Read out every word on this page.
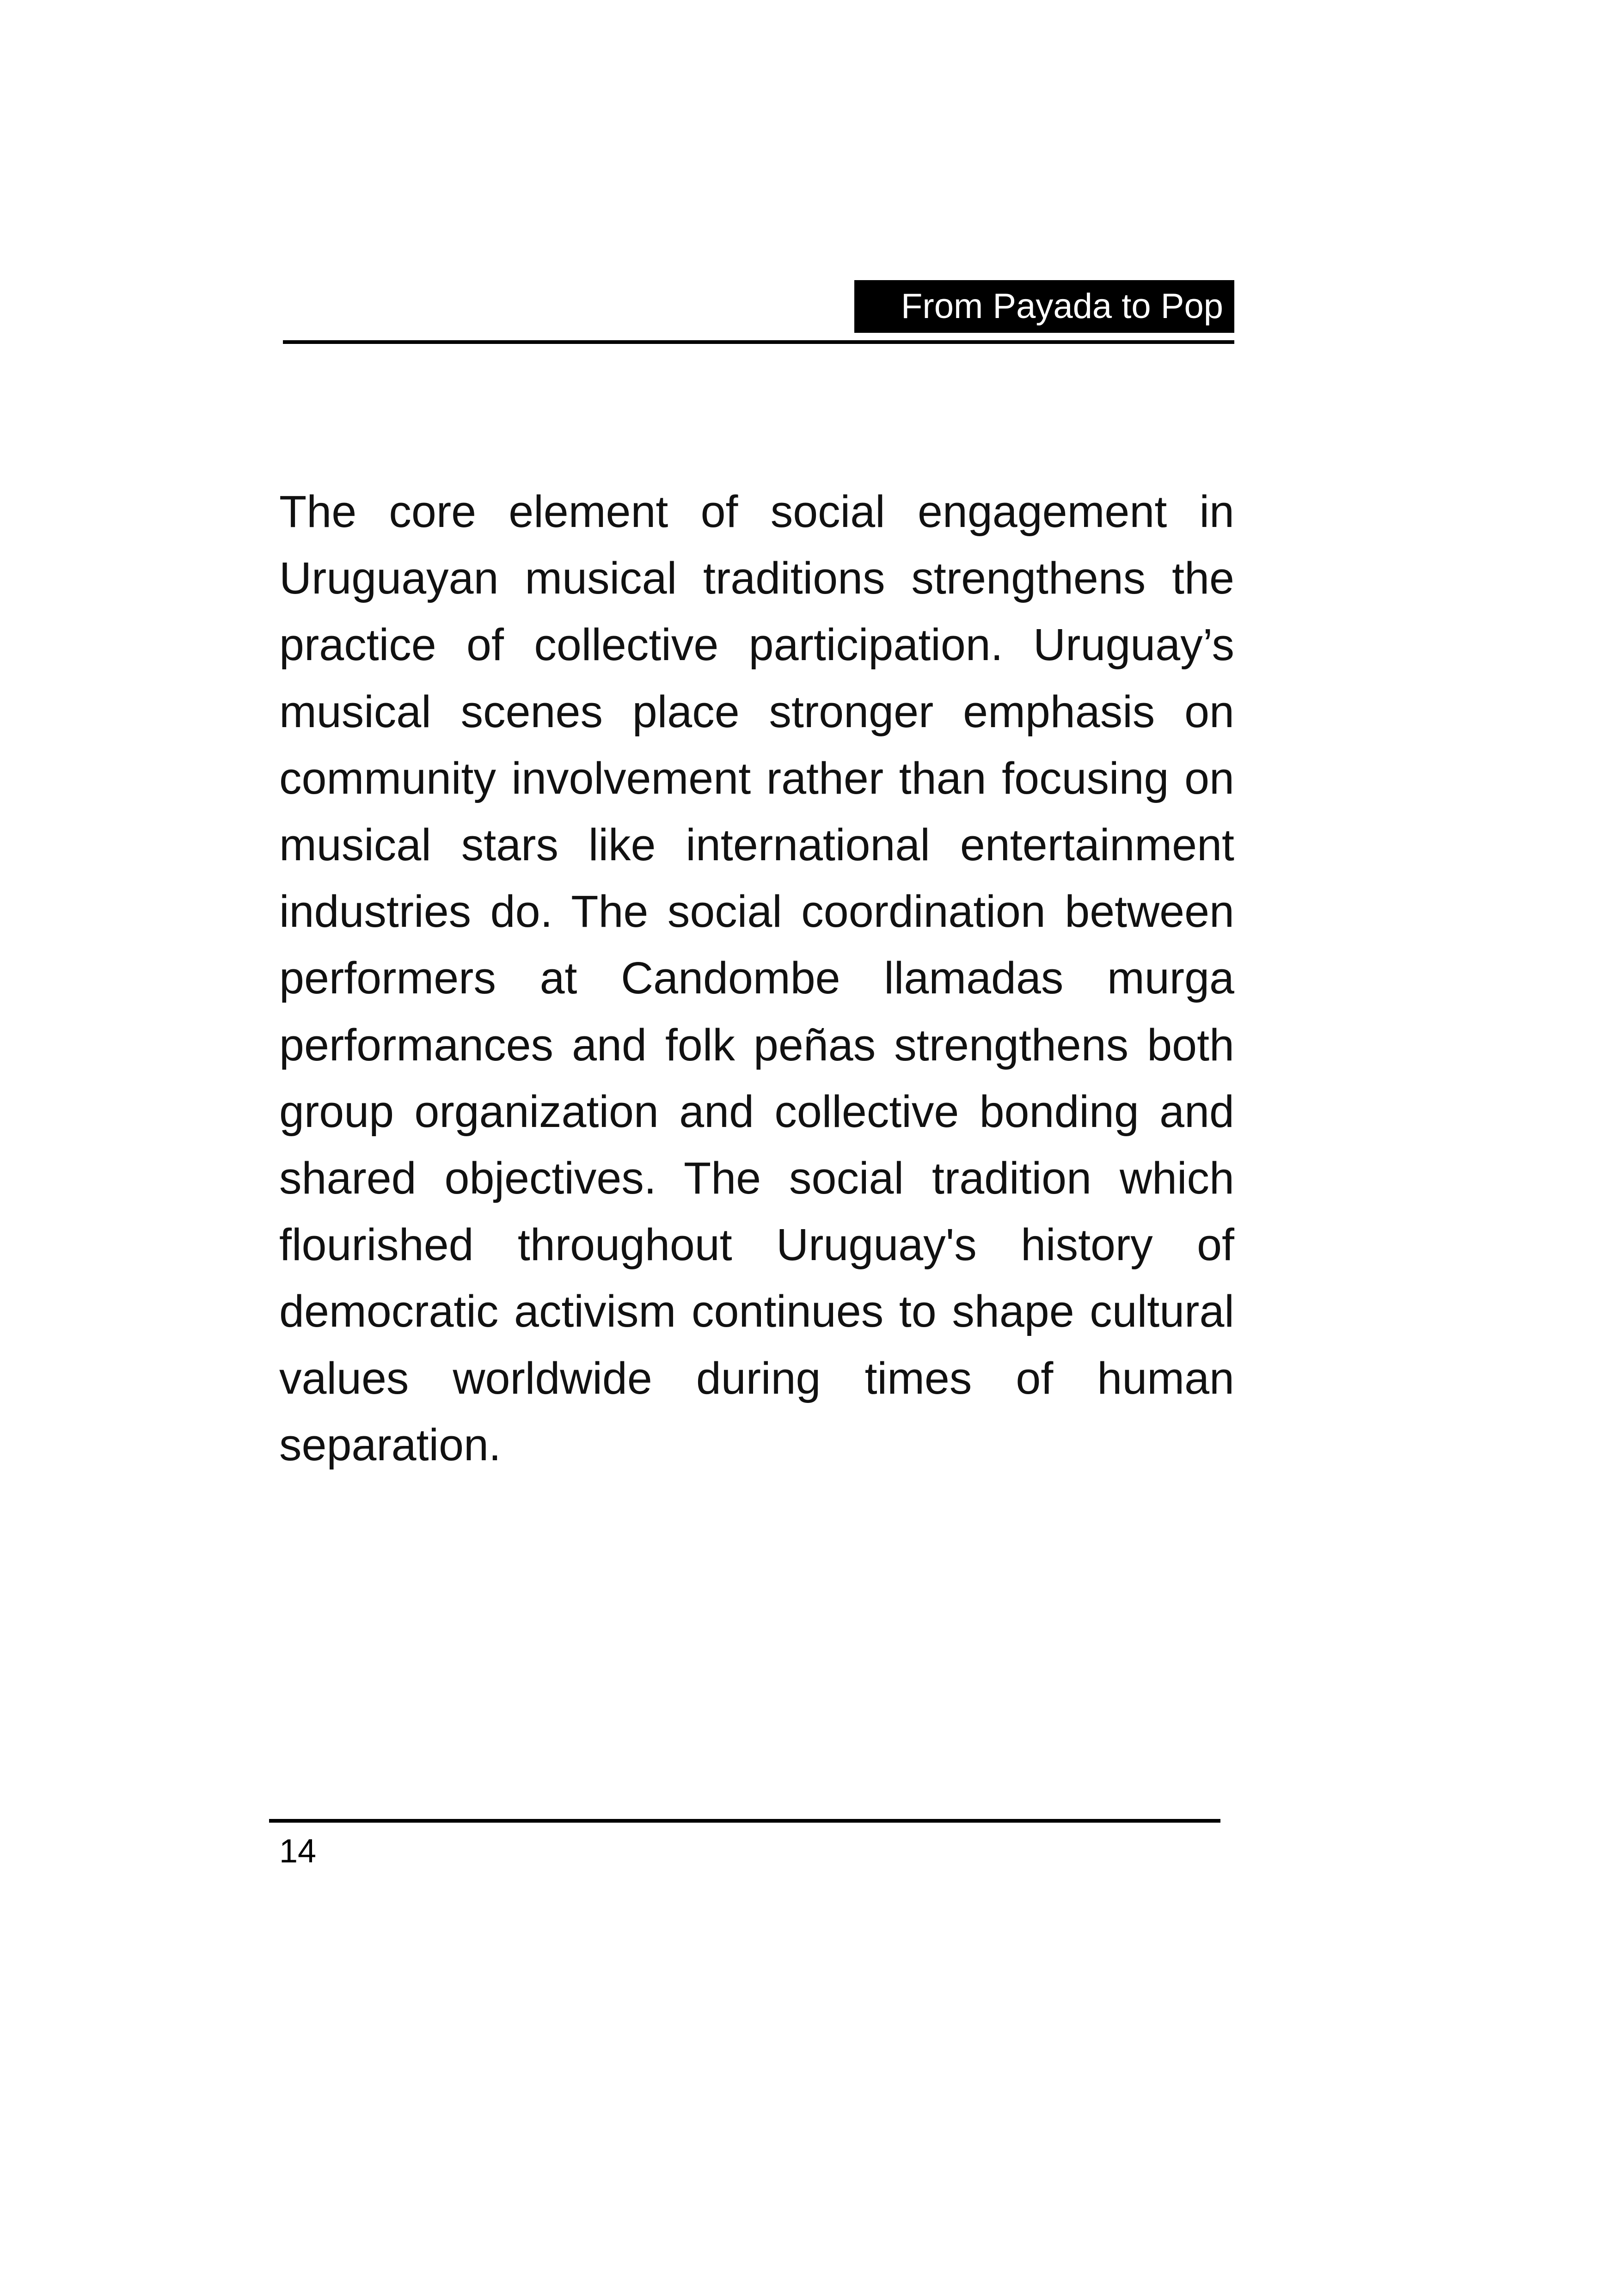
From Payada to Pop

The core element of social engagement in Uruguayan musical traditions strengthens the practice of collective participation. Uruguay’s musical scenes place stronger emphasis on community involvement rather than focusing on musical stars like international entertainment industries do. The social coordination between performers at Candombe llamadas murga performances and folk peñas strengthens both group organization and collective bonding and shared objectives. The social tradition which flourished throughout Uruguay's history of democratic activism continues to shape cultural values worldwide during times of human separation.

14
